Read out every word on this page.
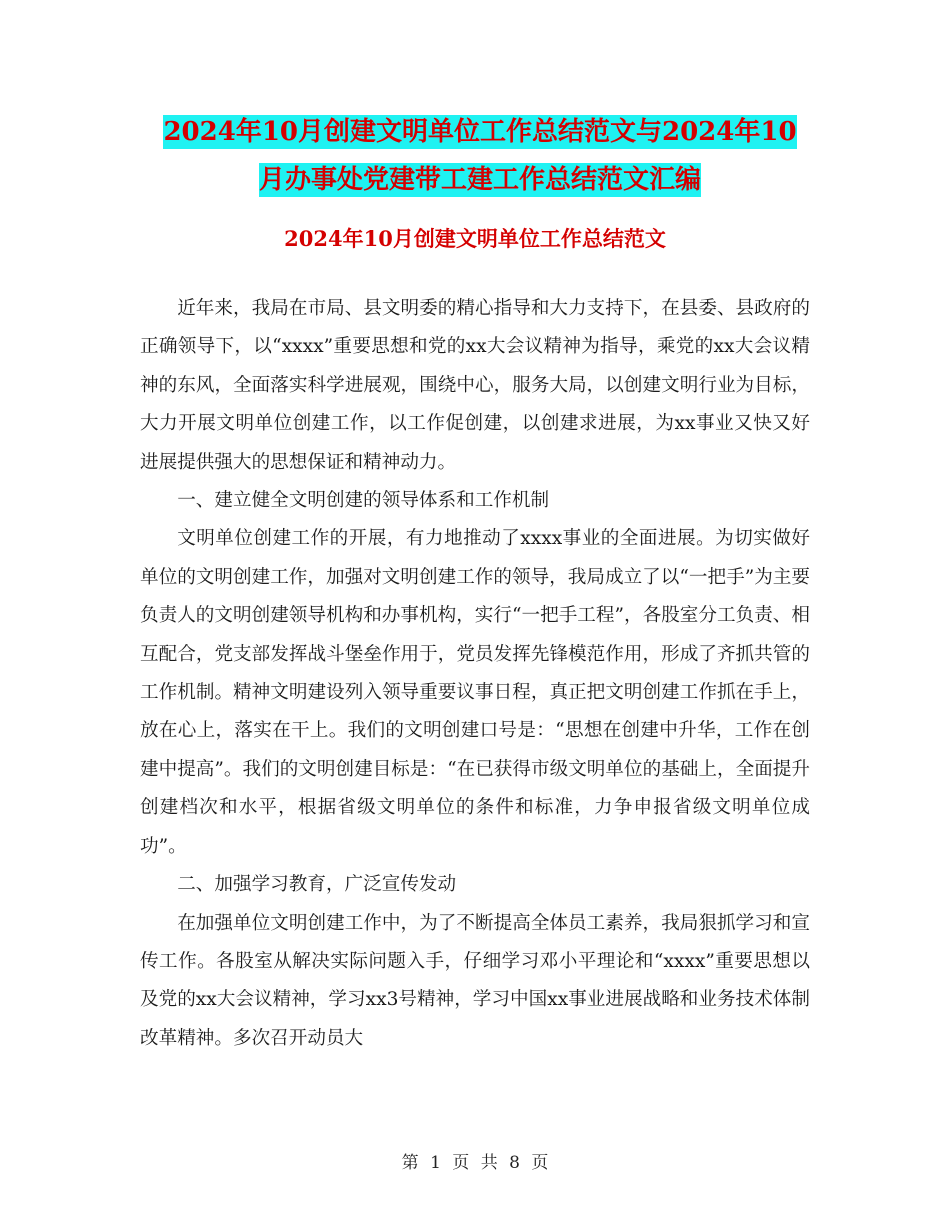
2024年10月创建文明单位工作总结范文与2024年10
月办事处党建带工建工作总结范文汇编
2024年10月创建文明单位工作总结范文

近年来，我局在市局、县文明委的精心指导和大力支持下，在县委、县政府的正确领导下，以“xxxx”重要思想和党的xx大会议精神为指导，乘党的xx大会议精神的东风，全面落实科学进展观，围绕中心，服务大局，以创建文明行业为目标，大力开展文明单位创建工作，以工作促创建，以创建求进展，为xx事业又快又好进展提供强大的思想保证和精神动力。

一、建立健全文明创建的领导体系和工作机制

文明单位创建工作的开展，有力地推动了xxxx事业的全面进展。为切实做好单位的文明创建工作，加强对文明创建工作的领导，我局成立了以“一把手”为主要负责人的文明创建领导机构和办事机构，实行“一把手工程”，各股室分工负责、相互配合，党支部发挥战斗堡垒作用于，党员发挥先锋模范作用，形成了齐抓共管的工作机制。精神文明建设列入领导重要议事日程，真正把文明创建工作抓在手上，放在心上，落实在干上。我们的文明创建口号是：“思想在创建中升华，工作在创建中提高”。我们的文明创建目标是：“在已获得市级文明单位的基础上，全面提升创建档次和水平，根据省级文明单位的条件和标准，力争申报省级文明单位成功”。

二、加强学习教育，广泛宣传发动

在加强单位文明创建工作中，为了不断提高全体员工素养，我局狠抓学习和宣传工作。各股室从解决实际问题入手，仔细学习邓小平理论和“xxxx”重要思想以及党的xx大会议精神，学习xx3号精神，学习中国xx事业进展战略和业务技术体制改革精神。多次召开动员大

第 1 页 共 8 页
